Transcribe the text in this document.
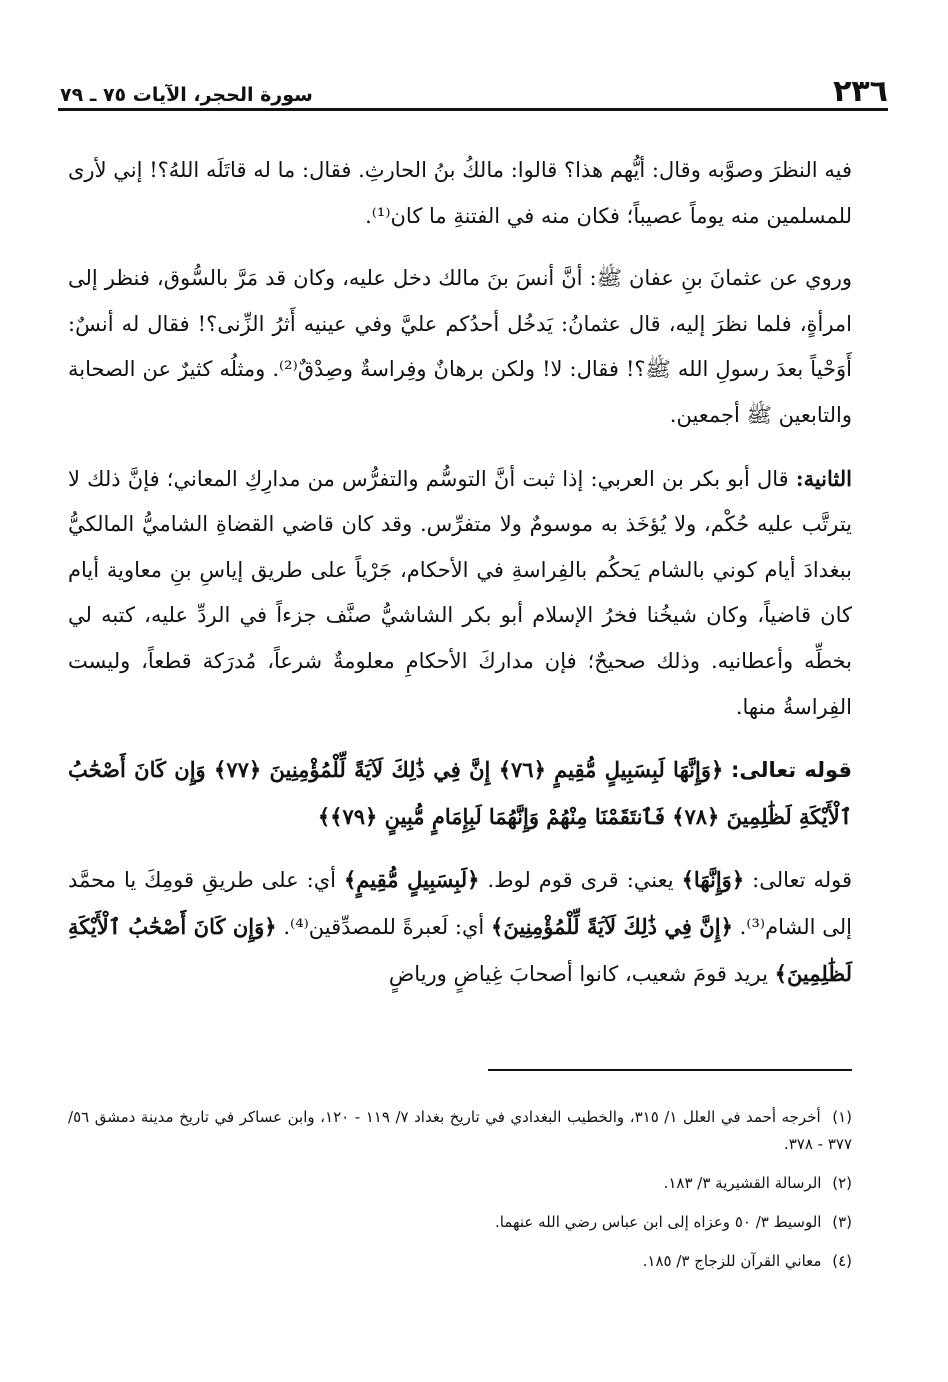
٢٣٦
سورة الحجر، الآيات ٧٥ ـ ٧٩

فيه النظرَ وصوَّبه وقال: أيُّهم هذا؟ قالوا: مالكُ بنُ الحارثِ. فقال: ما له قاتَلَه اللهُ؟! إني لأرى للمسلمين منه يوماً عصيباً؛ فكان منه في الفتنةِ ما كان⁽¹⁾.

وروي عن عثمانَ بنِ عفان ﷺ: أنَّ أنسَ بنَ مالك دخل عليه، وكان قد مَرَّ بالسُّوق، فنظر إلى امرأةٍ، فلما نظرَ إليه، قال عثمانُ: يَدخُل أحدُكم عليَّ وفي عينيه أَثرُ الزِّنى؟! فقال له أنسٌ: أَوَحْياً بعدَ رسولِ الله ﷺ؟! فقال: لا! ولكن برهانٌ وفِراسةٌ وصِدْقٌ⁽²⁾. ومثلُه كثيرٌ عن الصحابة والتابعين ﷺ أجمعين.

الثانية: قال أبو بكر بن العربي: إذا ثبت أنَّ التوسُّم والتفرُّس من مدارِكِ المعاني؛ فإنَّ ذلك لا يترتَّب عليه حُكْم، ولا يُؤخَذ به موسومٌ ولا متفرِّس. وقد كان قاضي القضاةِ الشاميُّ المالكيُّ ببغدادَ أيام كوني بالشام يَحكُم بالفِراسةِ في الأحكام، جَرْياً على طريق إياسِ بنِ معاوية أيام كان قاضياً، وكان شيخُنا فخرُ الإسلام أبو بكر الشاشيُّ صنَّف جزءاً في الردِّ عليه، كتبه لي بخطِّه وأعطانيه. وذلك صحيحٌ؛ فإن مداركَ الأحكامِ معلومةٌ شرعاً، مُدرَكة قطعاً، وليست الفِراسةُ منها.

قوله تعالى: ﴿وَإِنَّهَا لَبِسَبِيلٍ مُّقِيمٍ ﴿٧٦﴾ إِنَّ فِي ذَٰلِكَ لَآيَةً لِّلْمُؤْمِنِينَ ﴿٧٧﴾ وَإِن كَانَ أَصْحَٰبُ ٱلْأَيْكَةِ لَظَٰلِمِينَ ﴿٧٨﴾ فَٱنتَقَمْنَا مِنْهُمْ وَإِنَّهُمَا لَبِإِمَامٍ مُّبِينٍ ﴿٧٩﴾﴾

قوله تعالى: ﴿وَإِنَّهَا﴾ يعني: قرى قوم لوط. ﴿لَبِسَبِيلٍ مُّقِيمٍ﴾ أي: على طريقِ قومِكَ يا محمَّد إلى الشام⁽³⁾. ﴿إِنَّ فِي ذَٰلِكَ لَآيَةً لِّلْمُؤْمِنِينَ﴾ أي: لَعبرةً للمصدِّقين⁽⁴⁾. ﴿وَإِن كَانَ أَصْحَٰبُ ٱلْأَيْكَةِ لَظَٰلِمِينَ﴾ يريد قومَ شعيب، كانوا أصحابَ غِياضٍ ورياضٍ

(١) أخرجه أحمد في العلل ١/ ٣١٥، والخطيب البغدادي في تاريخ بغداد ٧/ ١١٩ - ١٢٠، وابن عساكر في تاريخ مدينة دمشق ٥٦/ ٣٧٧ - ٣٧٨.

(٢) الرسالة القشيرية ٣/ ١٨٣.

(٣) الوسيط ٣/ ٥٠ وعزاه إلى ابن عباس رضي الله عنهما.

(٤) معاني القرآن للزجاج ٣/ ١٨٥.
